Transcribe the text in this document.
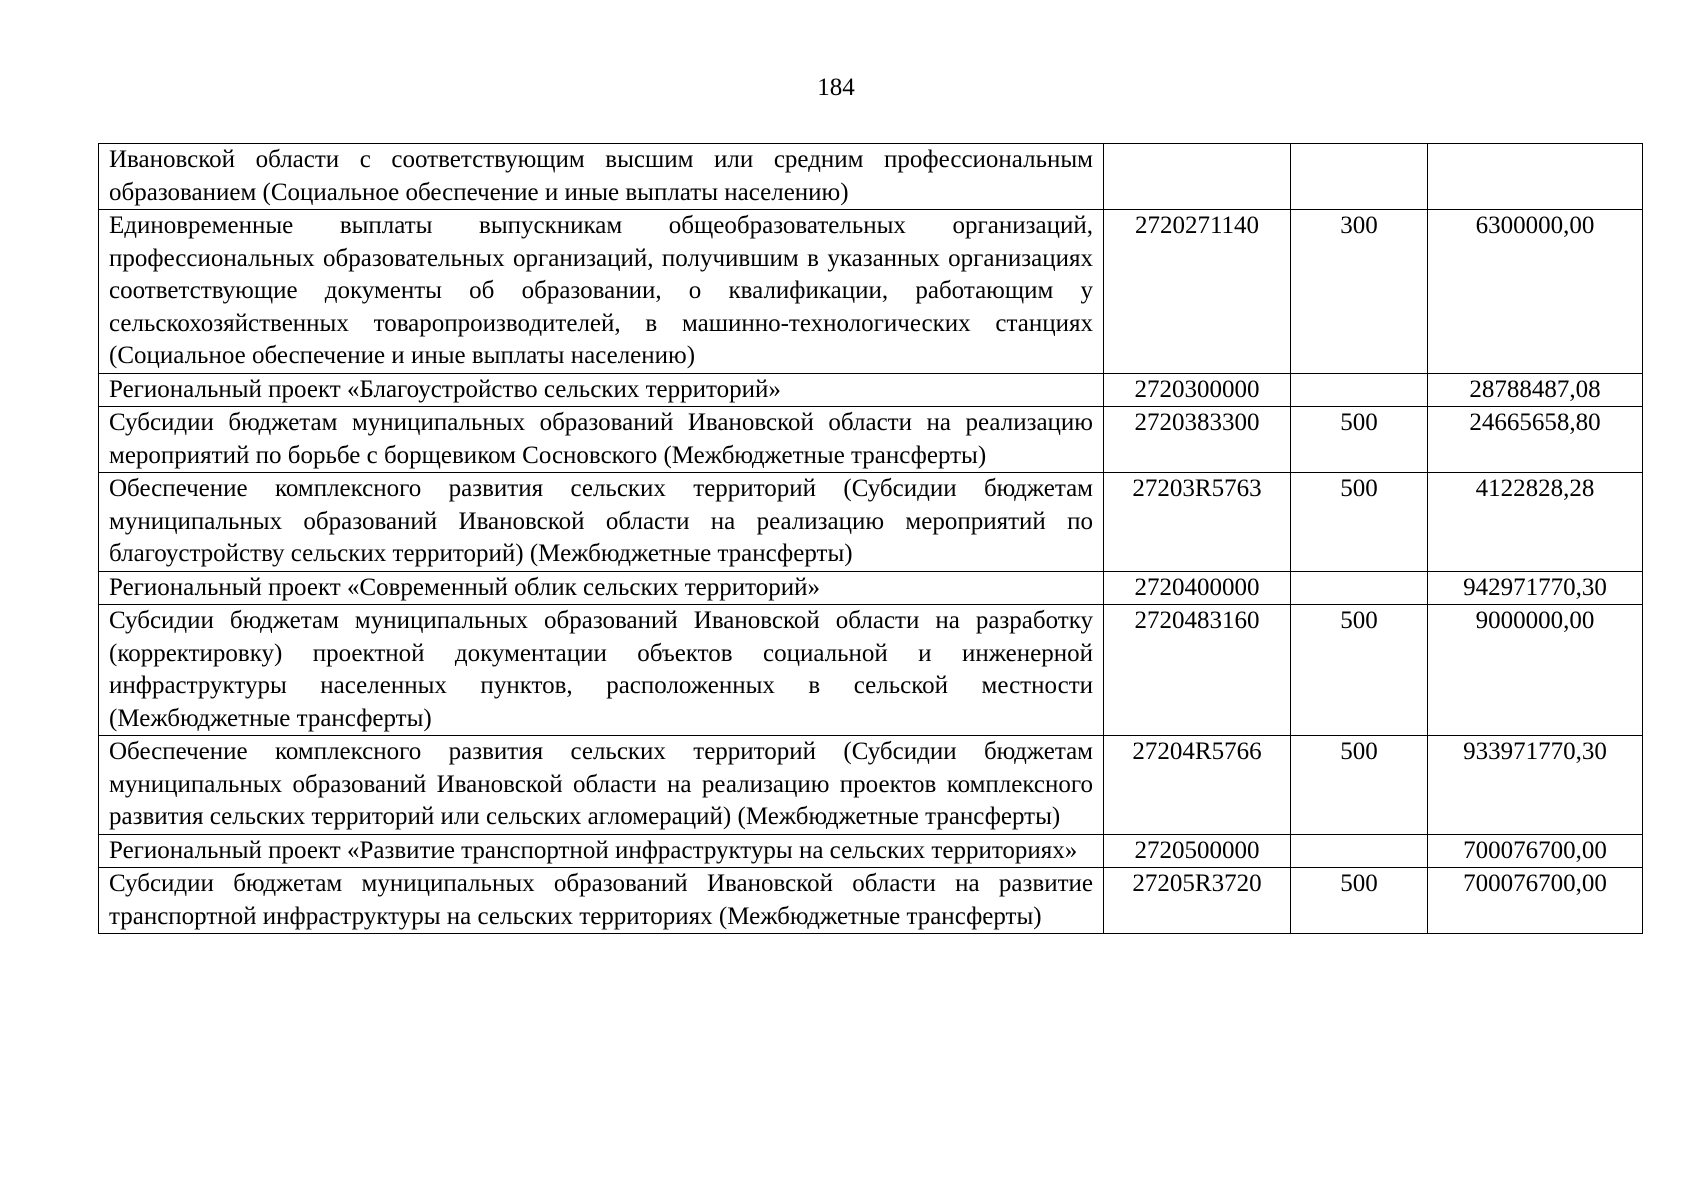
184
Ивановской области с соответствующим высшим или средним профессиональным образованием (Социальное обеспечение и иные выплаты населению)			

Единовременные выплаты выпускникам общеобразовательных организаций, профессиональных образовательных организаций, получившим в указанных организациях соответствующие документы об образовании, о квалификации, работающим у сельскохозяйственных товаропроизводителей, в машинно-технологических станциях (Социальное обеспечение и иные выплаты населению)	2720271140	300	6300000,00

Региональный проект «Благоустройство сельских территорий»	2720300000		28788487,08

Субсидии бюджетам муниципальных образований Ивановской области на реализацию мероприятий по борьбе с борщевиком Сосновского (Межбюджетные трансферты)	2720383300	500	24665658,80

Обеспечение комплексного развития сельских территорий (Субсидии бюджетам муниципальных образований Ивановской области на реализацию мероприятий по благоустройству сельских территорий) (Межбюджетные трансферты)	27203R5763	500	4122828,28

Региональный проект «Современный облик сельских территорий»	2720400000		942971770,30

Субсидии бюджетам муниципальных образований Ивановской области на разработку (корректировку) проектной документации объектов социальной и инженерной инфраструктуры населенных пунктов, расположенных в сельской местности (Межбюджетные трансферты)	2720483160	500	9000000,00

Обеспечение комплексного развития сельских территорий (Субсидии бюджетам муниципальных образований Ивановской области на реализацию проектов комплексного развития сельских территорий или сельских агломераций) (Межбюджетные трансферты)	27204R5766	500	933971770,30

Региональный проект «Развитие транспортной инфраструктуры на сельских территориях»	2720500000		700076700,00

Субсидии бюджетам муниципальных образований Ивановской области на развитие транспортной инфраструктуры на сельских территориях (Межбюджетные трансферты)	27205R3720	500	700076700,00
